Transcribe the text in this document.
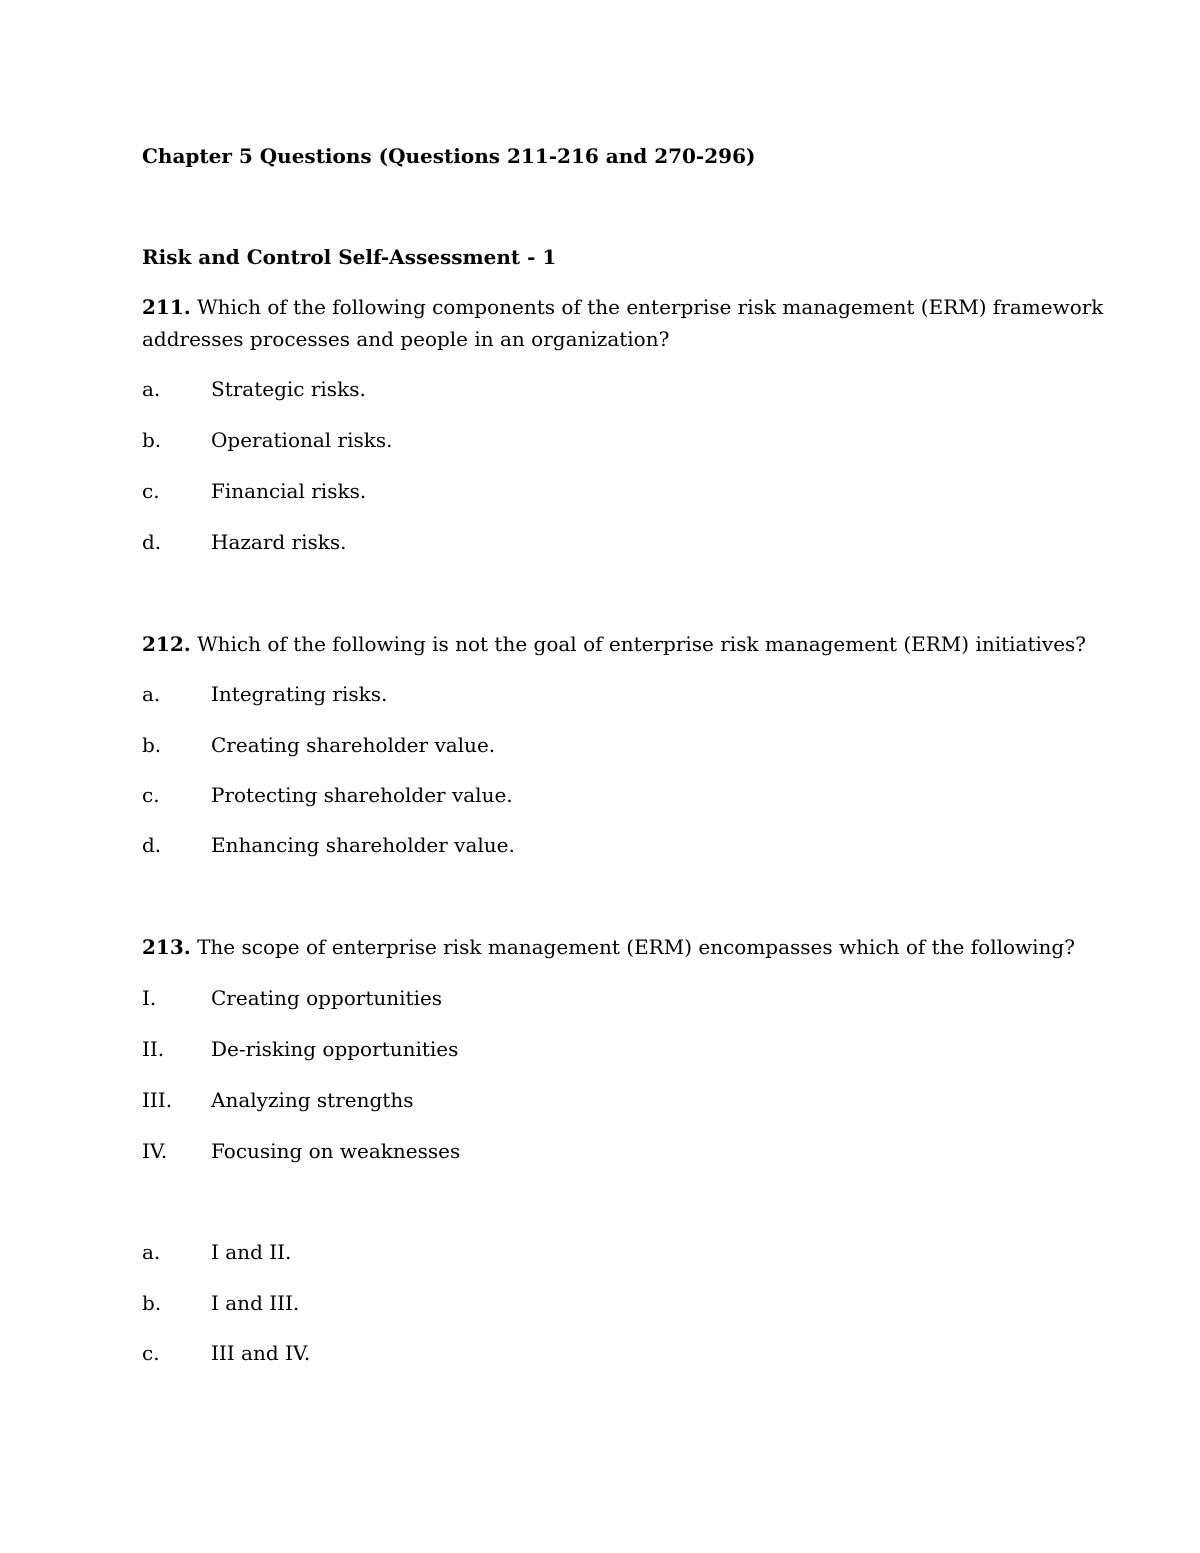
Chapter 5 Questions (Questions 211-216 and 270-296)
Risk and Control Self-Assessment - 1
211. Which of the following components of the enterprise risk management (ERM) framework
addresses processes and people in an organization?
a.	Strategic risks.
b. Operational risks.
c.	Financial risks.
d. Hazard risks.
212. Which of the following is not the goal of enterprise risk management (ERM) initiatives?
a.	Integrating risks.
b. Creating shareholder value.
c.	Protecting shareholder value.
d. Enhancing shareholder value.
213. The scope of enterprise risk management (ERM) encompasses which of the following?
I.	Creating opportunities
II. De-risking opportunities
III. Analyzing strengths
IV. Focusing on weaknesses
a.	I and II.
b. I and III.
c.	III and IV.
